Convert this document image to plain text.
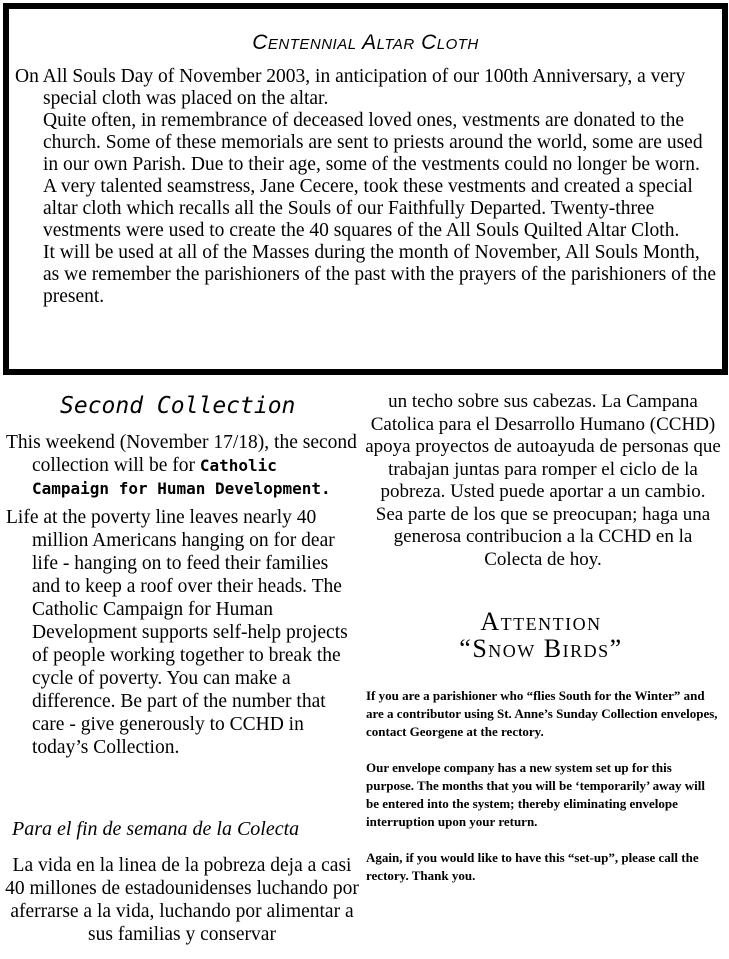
Centennial Altar Cloth

On All Souls Day of November 2003, in anticipation of our 100th Anniversary, a very special cloth was placed on the altar.

Quite often, in remembrance of deceased loved ones, vestments are donated to the church. Some of these memorials are sent to priests around the world, some are used in our own Parish. Due to their age, some of the vestments could no longer be worn.

A very talented seamstress, Jane Cecere, took these vestments and created a special altar cloth which recalls all the Souls of our Faithfully Departed. Twenty-three vestments were used to create the 40 squares of the All Souls Quilted Altar Cloth.

It will be used at all of the Masses during the month of November, All Souls Month, as we remember the parishioners of the past with the prayers of the parishioners of the present.

Second Collection

This weekend (November 17/18), the second collection will be for Catholic Campaign for Human Development.

Life at the poverty line leaves nearly 40 million Americans hanging on for dear life - hanging on to feed their families and to keep a roof over their heads. The Catholic Campaign for Human Development supports self-help projects of people working together to break the cycle of poverty. You can make a difference. Be part of the number that care - give generously to CCHD in today’s Collection.

Para el fin de semana de la Colecta
La vida en la linea de la pobreza deja a casi 40 millones de estadounidenses luchando por aferrarse a la vida, luchando por alimentar a sus familias y conservar
un techo sobre sus cabezas. La Campana Catolica para el Desarrollo Humano (CCHD) apoya proyectos de autoayuda de personas que trabajan juntas para romper el ciclo de la pobreza. Usted puede aportar a un cambio. Sea parte de los que se preocupan; haga una generosa contribucion a la CCHD en la Colecta de hoy.
Attention
“Snow Birds”

If you are a parishioner who “flies South for the Winter” and are a contributor using St. Anne’s Sunday Collection envelopes, contact Georgene at the rectory.

Our envelope company has a new system set up for this purpose. The months that you will be ‘temporarily’ away will be entered into the system; thereby eliminating envelope interruption upon your return.

Again, if you would like to have this “set-up”, please call the rectory. Thank you.
